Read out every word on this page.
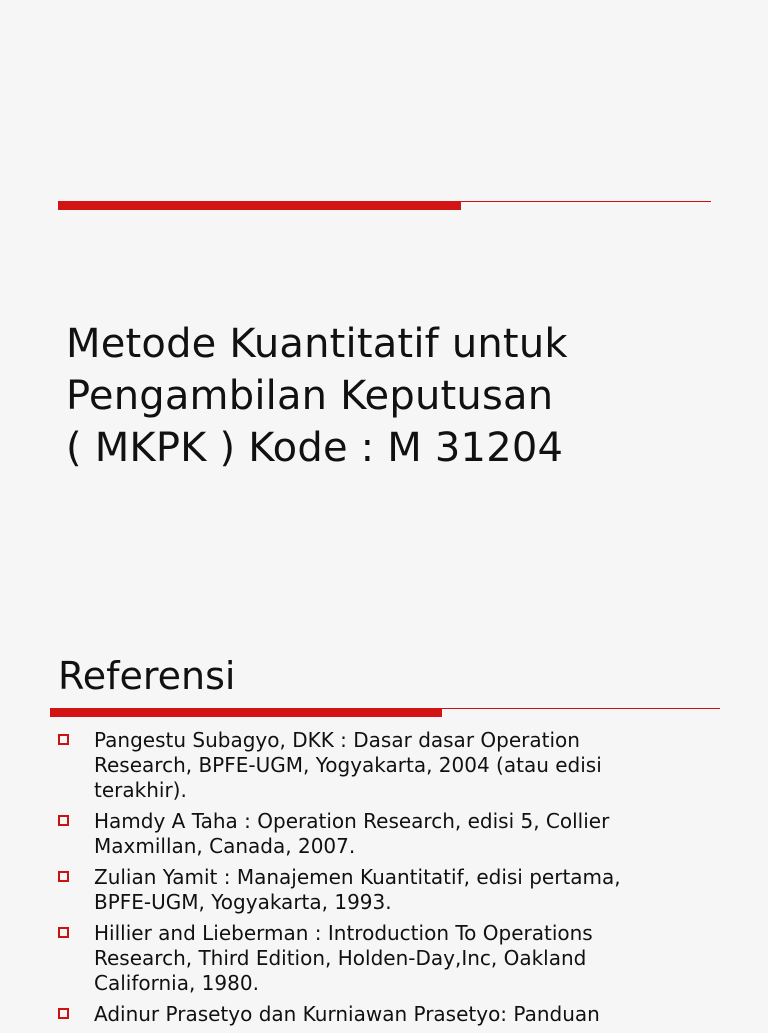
Metode Kuantitatif untuk
Pengambilan Keputusan
( MKPK ) Kode : M 31204
Referensi
Pangestu Subagyo, DKK : Dasar dasar Operation
Research, BPFE-UGM, Yogyakarta, 2004 (atau edisi
terakhir).
Hamdy A Taha : Operation Research, edisi 5, Collier
Maxmillan, Canada, 2007.
Zulian Yamit : Manajemen Kuantitatif, edisi pertama,
BPFE-UGM, Yogyakarta, 1993.
Hillier and Lieberman : Introduction To Operations
Research, Third Edition, Holden-Day,Inc, Oakland
California, 1980.
Adinur Prasetyo dan Kurniawan Prasetyo: Panduan
